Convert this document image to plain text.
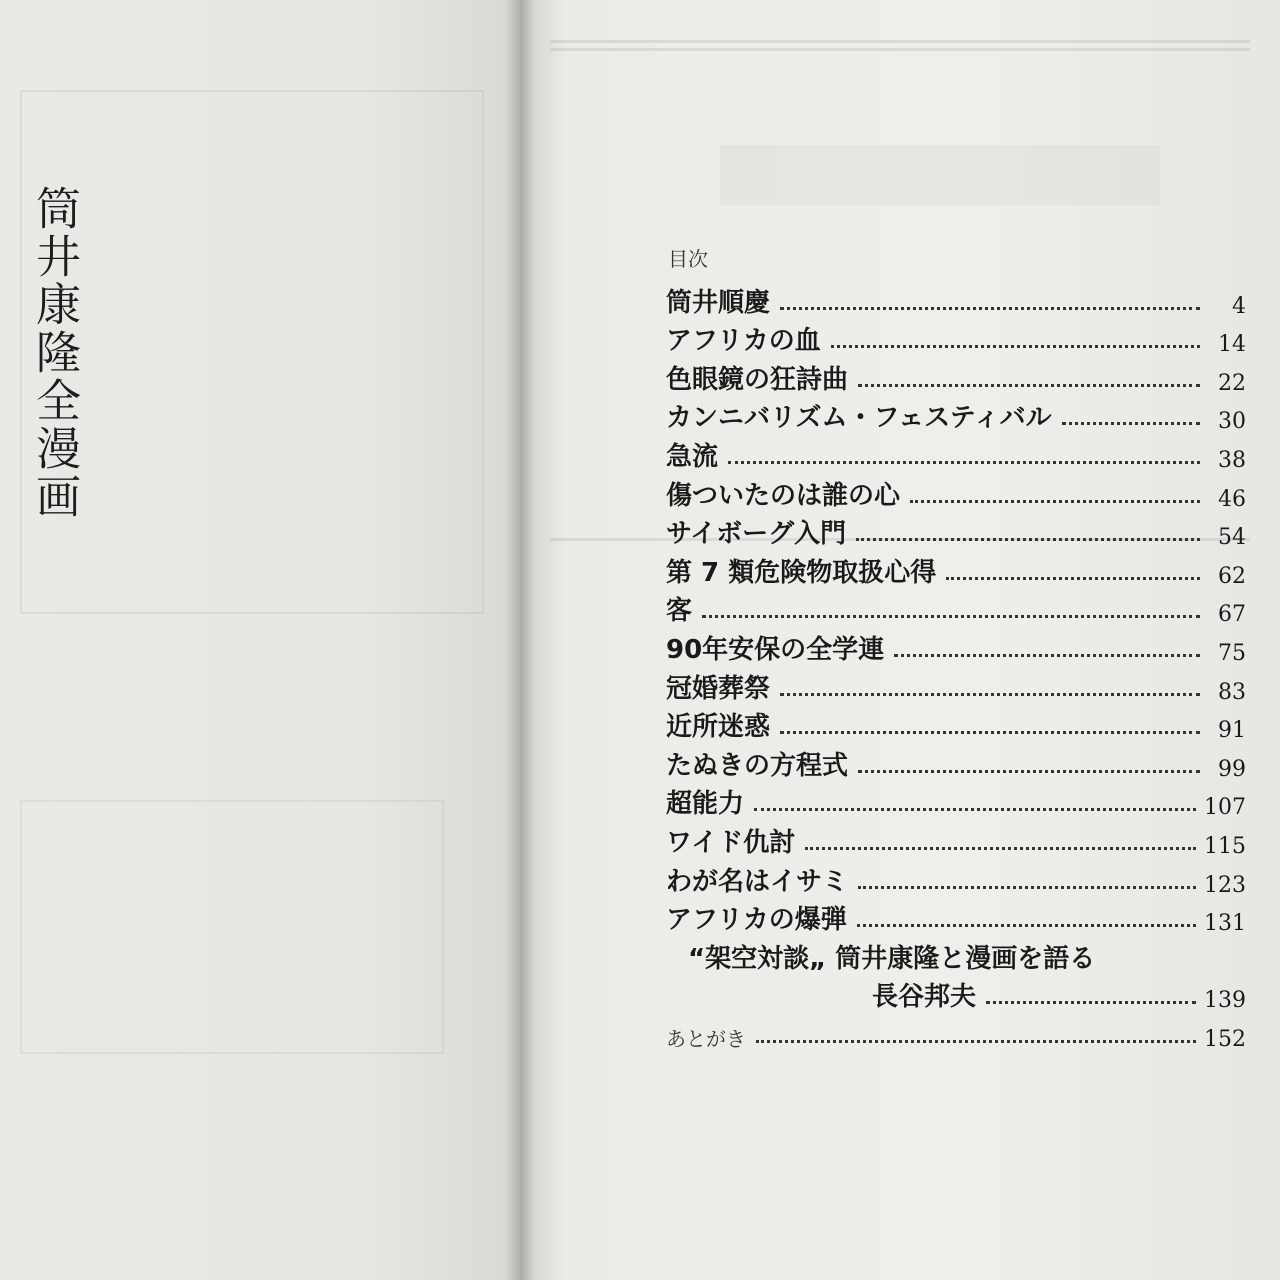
筒井康隆全漫画	目次
筒井順慶	4
アフリカの血	14
色眼鏡の狂詩曲	22
カンニバリズム・フェスティバル	30
急流	38
傷ついたのは誰の心	46
サイボーグ入門	54
第 7 類危険物取扱心得	62
客	67
90年安保の全学連	75
冠婚葬祭	83
近所迷惑	91
たぬきの方程式	99
超能力	107
ワイド仇討	115
わが名はイサミ	123
アフリカの爆弾	131
“架空対談„ 筒井康隆と漫画を語る
長谷邦夫	139
あとがき	152
